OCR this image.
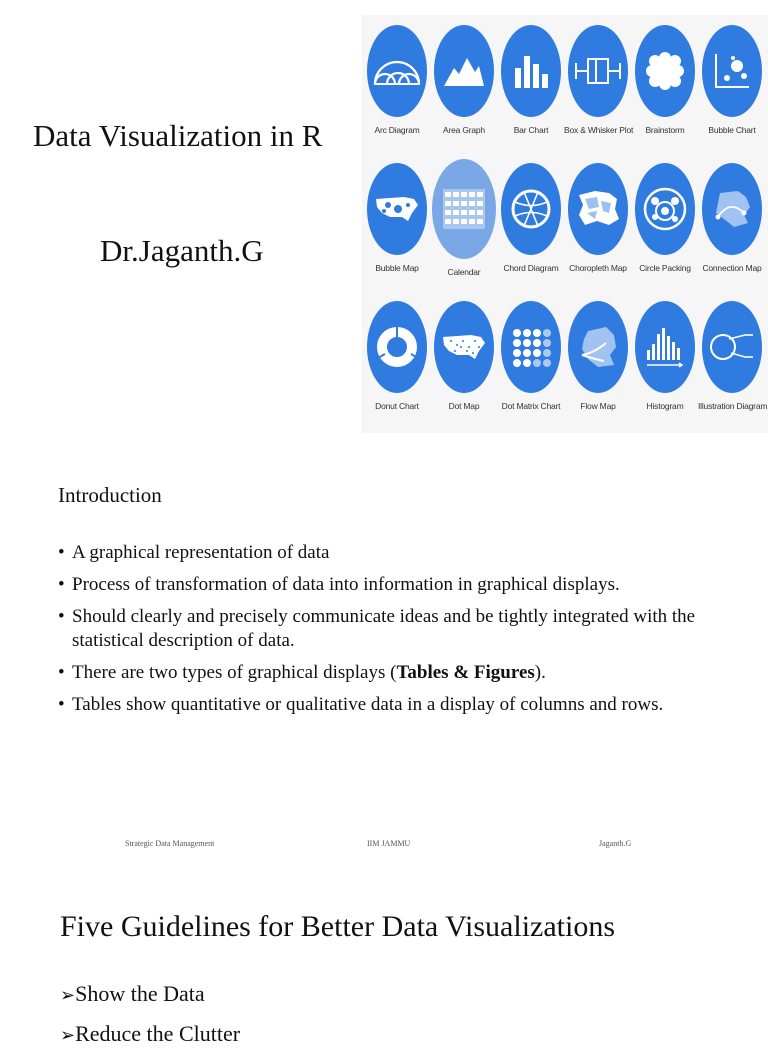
Data Visualization in R
Dr.Jaganth.G
Arc Diagram	Area Graph	Bar Chart	Box & Whisker Plot	Brainstorm	Bubble Chart
Bubble Map	Calendar	Chord Diagram	Choropleth Map	Circle Packing	Connection Map
Donut Chart	Dot Map	Dot Matrix Chart	Flow Map	Histogram	Illustration Diagram
Introduction
• A graphical representation of data
• Process of transformation of data into information in graphical displays.
• Should clearly and precisely communicate ideas and be tightly integrated with the statistical description of data.
• There are two types of graphical displays (Tables & Figures).
• Tables show quantitative or qualitative data in a display of columns and rows.
Strategic Data Management	IIM JAMMU	Jaganth.G
Five Guidelines for Better Data Visualizations
➢Show the Data
➢Reduce the Clutter
